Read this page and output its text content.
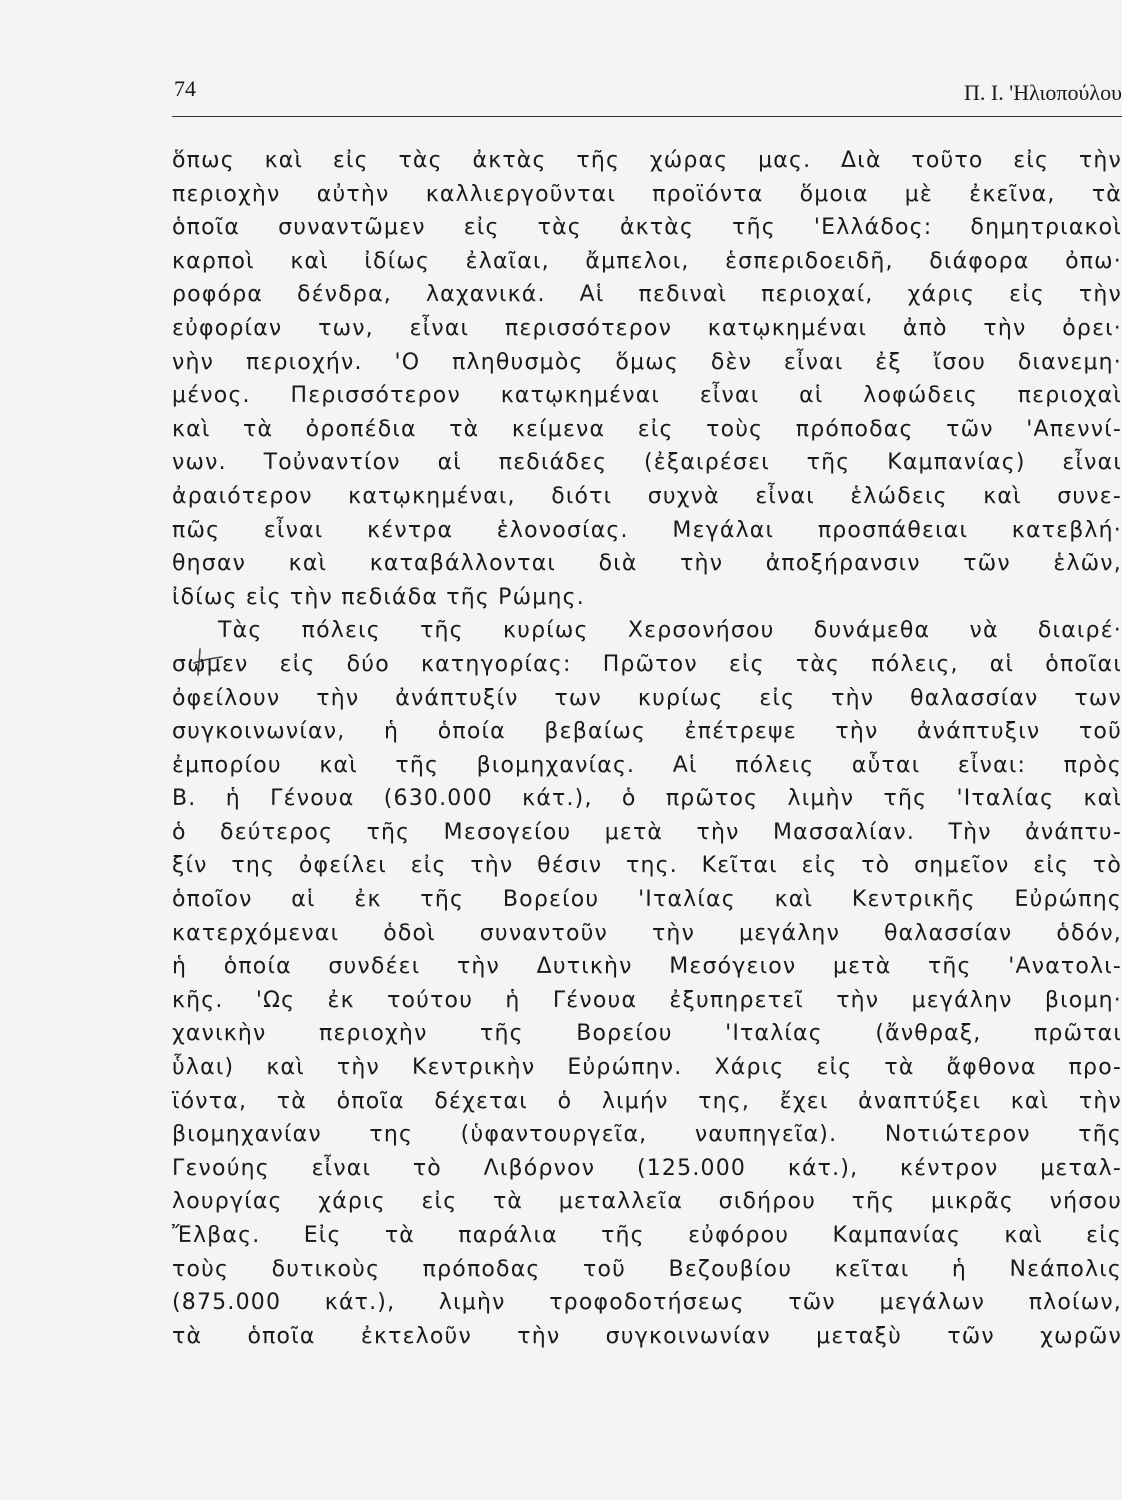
74	Π. Ι. 'Ηλιοπούλου
ὅπως καὶ εἰς τὰς ἀκτὰς τῆς χώρας μας. Διὰ τοῦτο εἰς τὴν
περιοχὴν αὐτὴν καλλιεργοῦνται προϊόντα ὅμοια μὲ ἐκεῖνα, τὰ
ὁποῖα συναντῶμεν εἰς τὰς ἀκτὰς τῆς 'Ελλάδος: δημητριακοὶ
καρποὶ καὶ ἰδίως ἐλαῖαι, ἄμπελοι, ἑσπεριδοειδῆ, διάφορα ὀπω·
ροφόρα δένδρα, λαχανικά. Αἱ πεδιναὶ περιοχαί, χάρις εἰς τὴν
εὐφορίαν των, εἶναι περισσότερον κατῳκημέναι ἀπὸ τὴν ὀρει·
νὴν περιοχήν. 'Ο πληθυσμὸς ὅμως δὲν εἶναι ἐξ ἴσου διανεμη·
μένος. Περισσότερον κατῳκημέναι εἶναι αἱ λοφώδεις περιοχαὶ
καὶ τὰ ὀροπέδια τὰ κείμενα εἰς τοὺς πρόποδας τῶν 'Απεννί-
νων. Τοὐναντίον αἱ πεδιάδες (ἐξαιρέσει τῆς Καμπανίας) εἶναι
ἀραιότερον κατῳκημέναι, διότι συχνὰ εἶναι ἑλώδεις καὶ συνε-
πῶς εἶναι κέντρα ἑλονοσίας. Μεγάλαι προσπάθειαι κατεβλή·
θησαν καὶ καταβάλλονται διὰ τὴν ἀποξήρανσιν τῶν ἑλῶν,
ἰδίως εἰς τὴν πεδιάδα τῆς Ρώμης.
Τὰς πόλεις τῆς κυρίως Χερσονήσου δυνάμεθα νὰ διαιρέ·
σωμεν εἰς δύο κατηγορίας: Πρῶτον εἰς τὰς πόλεις, αἱ ὁποῖαι
ὀφείλουν τὴν ἀνάπτυξίν των κυρίως εἰς τὴν θαλασσίαν των
συγκοινωνίαν, ἡ ὁποία βεβαίως ἐπέτρεψε τὴν ἀνάπτυξιν τοῦ
ἐμπορίου καὶ τῆς βιομηχανίας. Αἱ πόλεις αὗται εἶναι: πρὸς
Β. ἡ Γένουα (630.000 κάτ.), ὁ πρῶτος λιμὴν τῆς 'Ιταλίας καὶ
ὁ δεύτερος τῆς Μεσογείου μετὰ τὴν Μασσαλίαν. Τὴν ἀνάπτυ-
ξίν της ὀφείλει εἰς τὴν θέσιν της. Κεῖται εἰς τὸ σημεῖον εἰς τὸ
ὁποῖον αἱ ἐκ τῆς Βορείου 'Ιταλίας καὶ Κεντρικῆς Εὐρώπης
κατερχόμεναι ὁδοὶ συναντοῦν τὴν μεγάλην θαλασσίαν ὁδόν,
ἡ ὁποία συνδέει τὴν Δυτικὴν Μεσόγειον μετὰ τῆς 'Ανατολι-
κῆς. 'Ως ἐκ τούτου ἡ Γένουα ἐξυπηρετεῖ τὴν μεγάλην βιομη·
χανικὴν περιοχὴν τῆς Βορείου 'Ιταλίας (ἄνθραξ, πρῶται
ὗλαι) καὶ τὴν Κεντρικὴν Εὐρώπην. Χάρις εἰς τὰ ἄφθονα προ-
ϊόντα, τὰ ὁποῖα δέχεται ὁ λιμήν της, ἔχει ἀναπτύξει καὶ τὴν
βιομηχανίαν της (ὑφαντουργεῖα, ναυπηγεῖα). Νοτιώτερον τῆς
Γενούης εἶναι τὸ Λιβόρνον (125.000 κάτ.), κέντρον μεταλ-
λουργίας χάρις εἰς τὰ μεταλλεῖα σιδήρου τῆς μικρᾶς νήσου
Ἔλβας. Εἰς τὰ παράλια τῆς εὐφόρου Καμπανίας καὶ εἰς
τοὺς δυτικοὺς πρόποδας τοῦ Βεζουβίου κεῖται ἡ Νεάπολις
(875.000 κάτ.), λιμὴν τροφοδοτήσεως τῶν μεγάλων πλοίων,
τὰ ὁποῖα ἐκτελοῦν τὴν συγκοινωνίαν μεταξὺ τῶν χωρῶν
